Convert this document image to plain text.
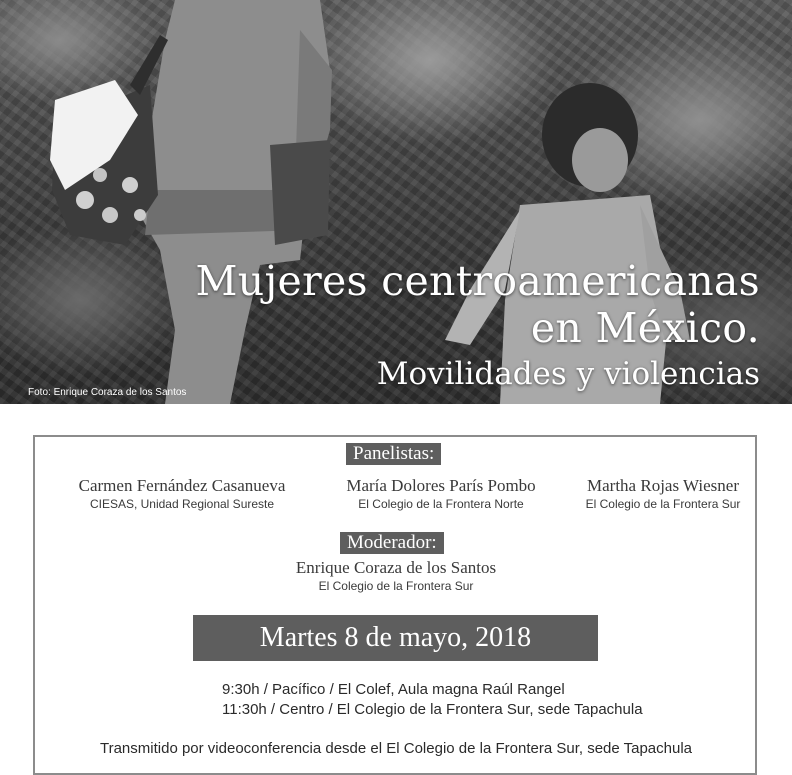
Mujeres centroamericanas
en México.
Movilidades y violencias
Foto: Enrique Coraza de los Santos
Panelistas:
Carmen Fernández Casanueva
CIESAS, Unidad Regional Sureste
María Dolores París Pombo
El Colegio de la Frontera Norte
Martha Rojas Wiesner
El Colegio de la Frontera Sur
Moderador:
Enrique Coraza de los Santos
El Colegio de la Frontera Sur
Martes 8 de mayo, 2018
9:30h / Pacífico / El Colef, Aula magna Raúl Rangel
11:30h / Centro / El Colegio de la Frontera Sur, sede Tapachula
Transmitido por videoconferencia desde el El Colegio de la Frontera Sur, sede Tapachula
